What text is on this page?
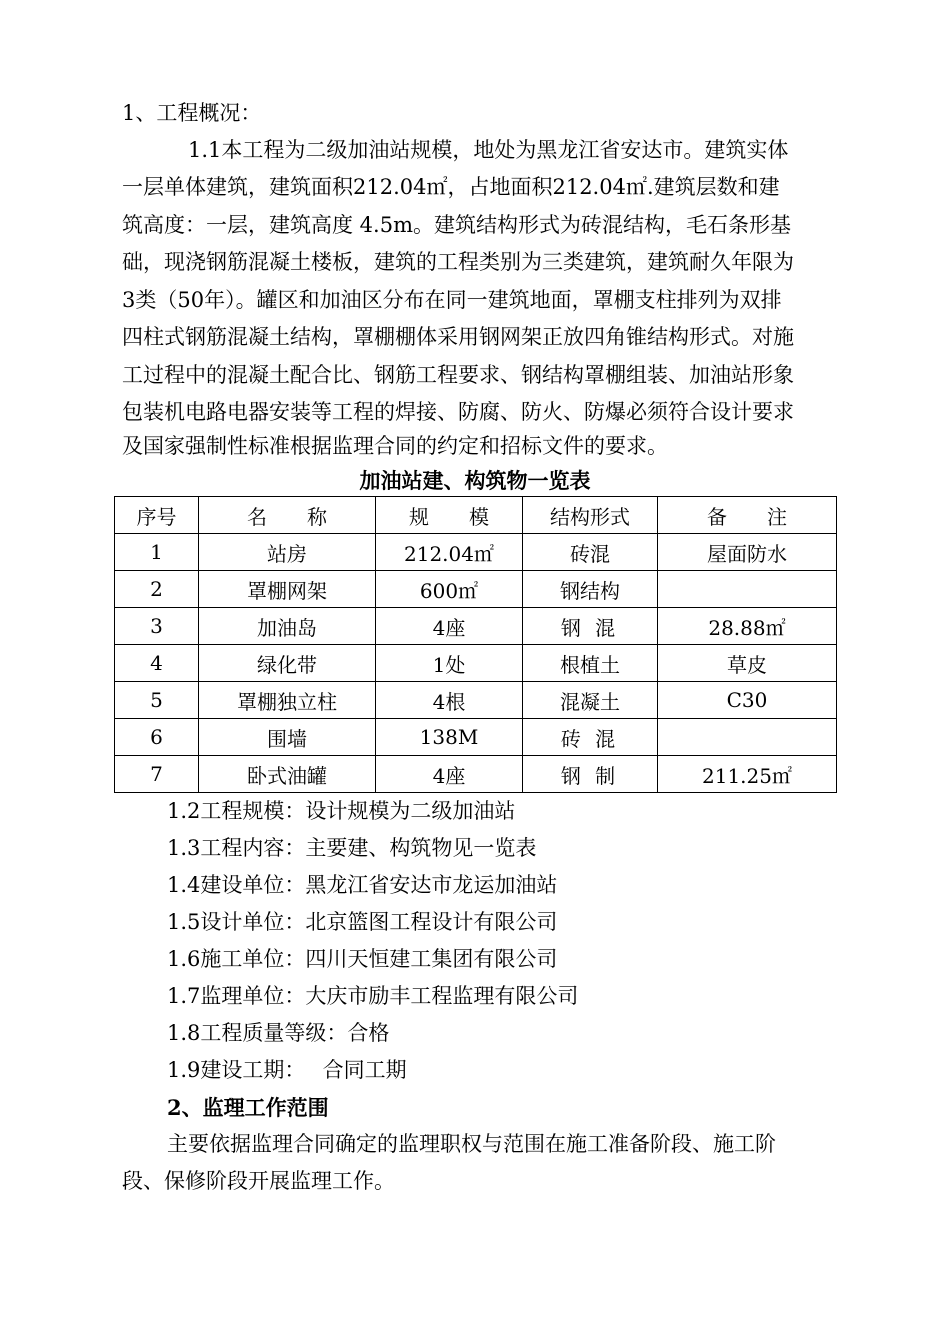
1、工程概况：
1.1本工程为二级加油站规模，地处为黑龙江省安达市。建筑实体
一层单体建筑，建筑面积212.04㎡，占地面积212.04㎡.建筑层数和建
筑高度：一层，建筑高度 4.5m。建筑结构形式为砖混结构，毛石条形基
础，现浇钢筋混凝土楼板，建筑的工程类别为三类建筑，建筑耐久年限为
3类（50年）。罐区和加油区分布在同一建筑地面，罩棚支柱排列为双排
四柱式钢筋混凝土结构，罩棚棚体采用钢网架正放四角锥结构形式。对施
工过程中的混凝土配合比、钢筋工程要求、钢结构罩棚组装、加油站形象
包装机电路电器安装等工程的焊接、防腐、防火、防爆必须符合设计要求
及国家强制性标准根据监理合同的约定和招标文件的要求。
加油站建、构筑物一览表
序号	名　　称	规　　模	结构形式	备　　注
1	站房	212.04㎡	砖混	屋面防水
2	罩棚网架	600㎡	钢结构	
3	加油岛	4座	钢 混	28.88㎡
4	绿化带	1处	根植土	草皮
5	罩棚独立柱	4根	混凝土	C30
6	围墙	138M	砖 混	
7	卧式油罐	4座	钢 制	211.25㎡
1.2工程规模：设计规模为二级加油站
1.3工程内容：主要建、构筑物见一览表
1.4建设单位：黑龙江省安达市龙运加油站
1.5设计单位：北京篮图工程设计有限公司
1.6施工单位：四川天恒建工集团有限公司
1.7监理单位：大庆市励丰工程监理有限公司
1.8工程质量等级：合格
1.9建设工期：　 合同工期
2、监理工作范围
主要依据监理合同确定的监理职权与范围在施工准备阶段、施工阶
段、保修阶段开展监理工作。
